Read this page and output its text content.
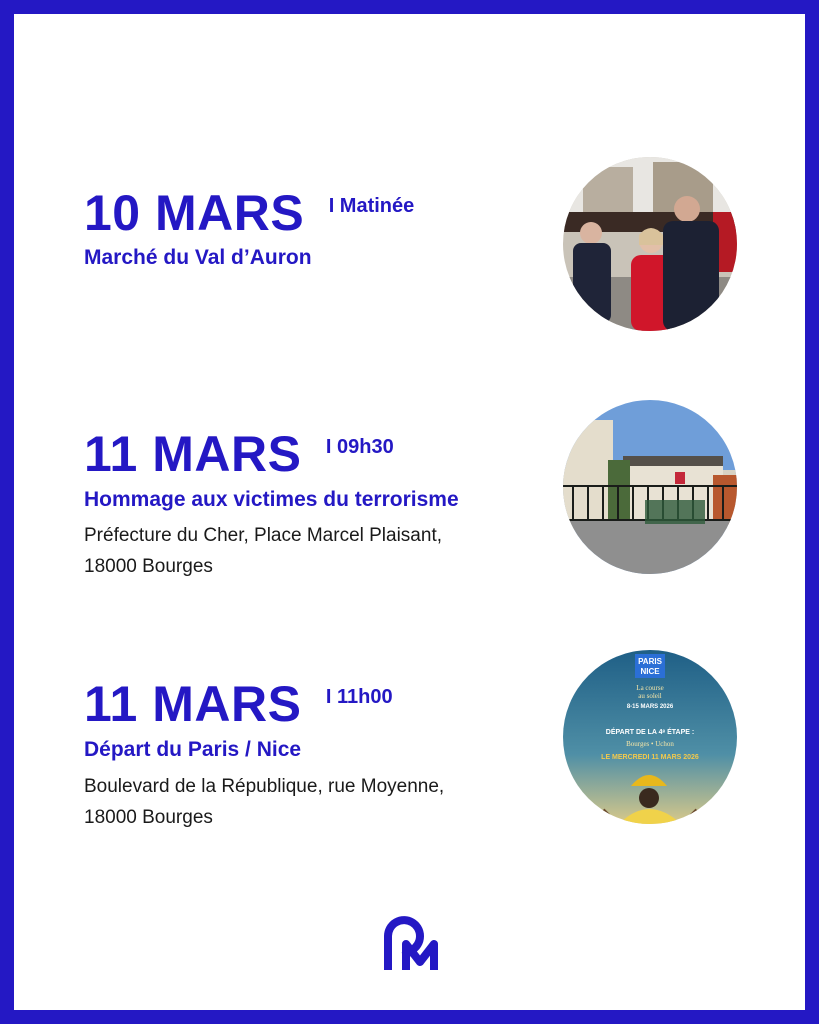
10 MARS I Matinée
Marché du Val d’Auron
11 MARS I 09h30
Hommage aux victimes du terrorisme
Préfecture du Cher, Place Marcel Plaisant,
18000 Bourges
11 MARS I 11h00
Départ du Paris / Nice
Boulevard de la République, rue Moyenne,
18000 Bourges
PARIS
NICE
La course
au soleil
8-15 MARS 2026
DÉPART DE LA 4ᵉ ÉTAPE :
Bourges • Uchon
LE MERCREDI 11 MARS 2026
